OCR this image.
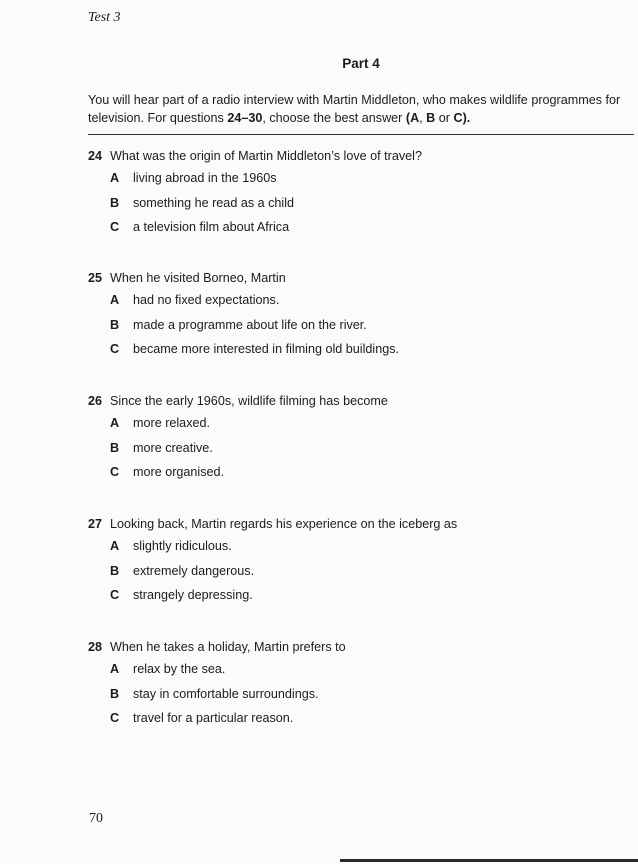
Test 3
Part 4

You will hear part of a radio interview with Martin Middleton, who makes wildlife programmes for television. For questions 24–30, choose the best answer (A, B or C).

24 What was the origin of Martin Middleton’s love of travel?
A living abroad in the 1960s
B something he read as a child
C a television film about Africa
25 When he visited Borneo, Martin
A had no fixed expectations.
B made a programme about life on the river.
C became more interested in filming old buildings.
26 Since the early 1960s, wildlife filming has become
A more relaxed.
B more creative.
C more organised.
27 Looking back, Martin regards his experience on the iceberg as
A slightly ridiculous.
B extremely dangerous.
C strangely depressing.
28 When he takes a holiday, Martin prefers to
A relax by the sea.
B stay in comfortable surroundings.
C travel for a particular reason.
70
